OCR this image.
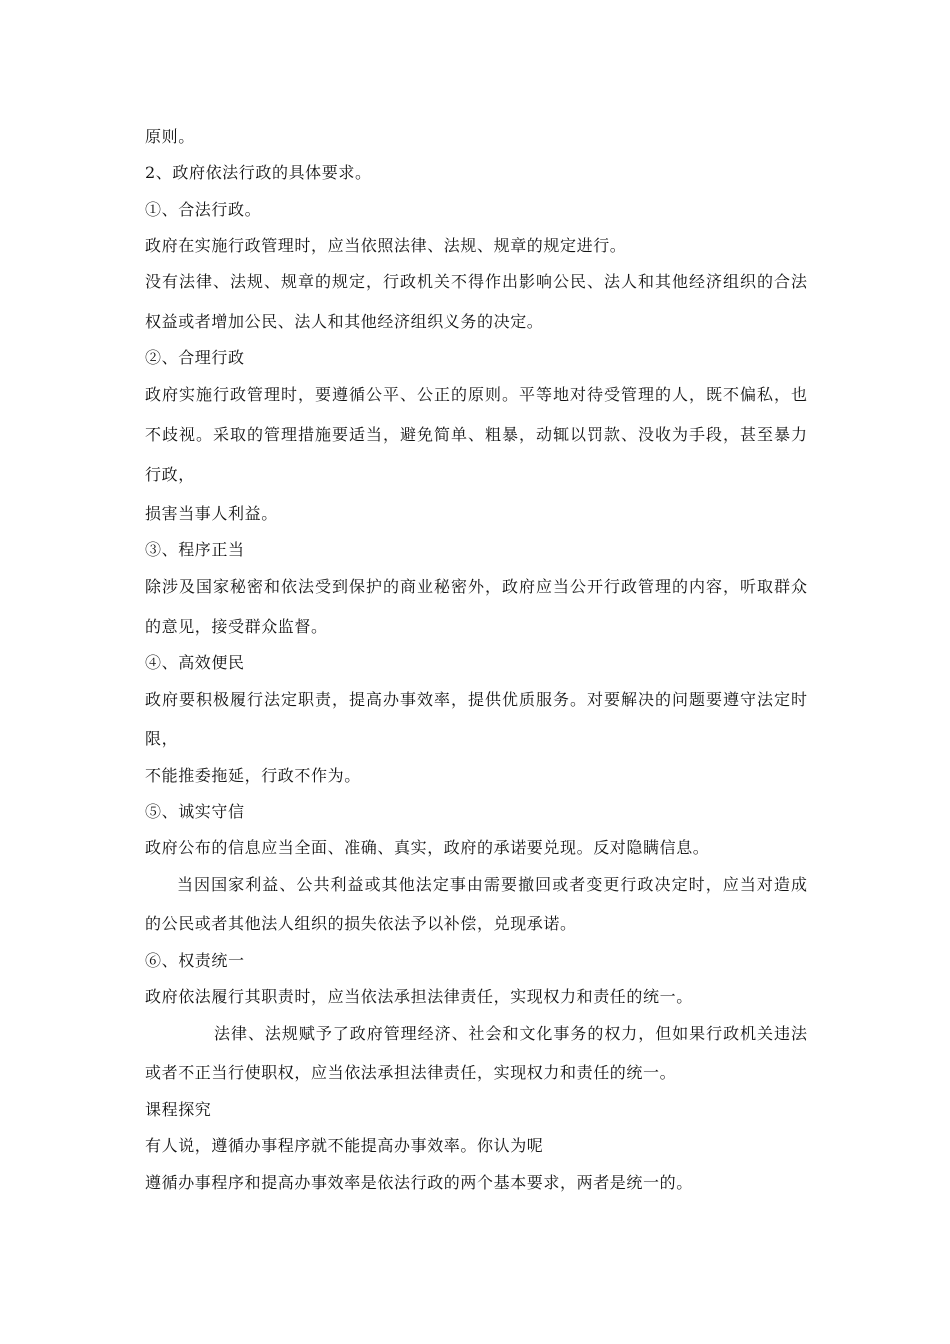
原则。
2、政府依法行政的具体要求。
①、合法行政。
政府在实施行政管理时，应当依照法律、法规、规章的规定进行。
没有法律、法规、规章的规定，行政机关不得作出影响公民、法人和其他经济组织的合法
权益或者增加公民、法人和其他经济组织义务的决定。
②、合理行政
政府实施行政管理时，要遵循公平、公正的原则。平等地对待受管理的人，既不偏私，也
不歧视。采取的管理措施要适当，避免简单、粗暴，动辄以罚款、没收为手段，甚至暴力
行政，
损害当事人利益。
③、程序正当
除涉及国家秘密和依法受到保护的商业秘密外，政府应当公开行政管理的内容，听取群众
的意见，接受群众监督。
④、高效便民
政府要积极履行法定职责，提高办事效率，提供优质服务。对要解决的问题要遵守法定时
限，
不能推委拖延，行政不作为。
⑤、诚实守信
政府公布的信息应当全面、准确、真实，政府的承诺要兑现。反对隐瞒信息。
当因国家利益、公共利益或其他法定事由需要撤回或者变更行政决定时，应当对造成
的公民或者其他法人组织的损失依法予以补偿，兑现承诺。
⑥、权责统一
政府依法履行其职责时，应当依法承担法律责任，实现权力和责任的统一。
法律、法规赋予了政府管理经济、社会和文化事务的权力，但如果行政机关违法
或者不正当行使职权，应当依法承担法律责任，实现权力和责任的统一。
课程探究
有人说，遵循办事程序就不能提高办事效率。你认为呢
遵循办事程序和提高办事效率是依法行政的两个基本要求，两者是统一的。
